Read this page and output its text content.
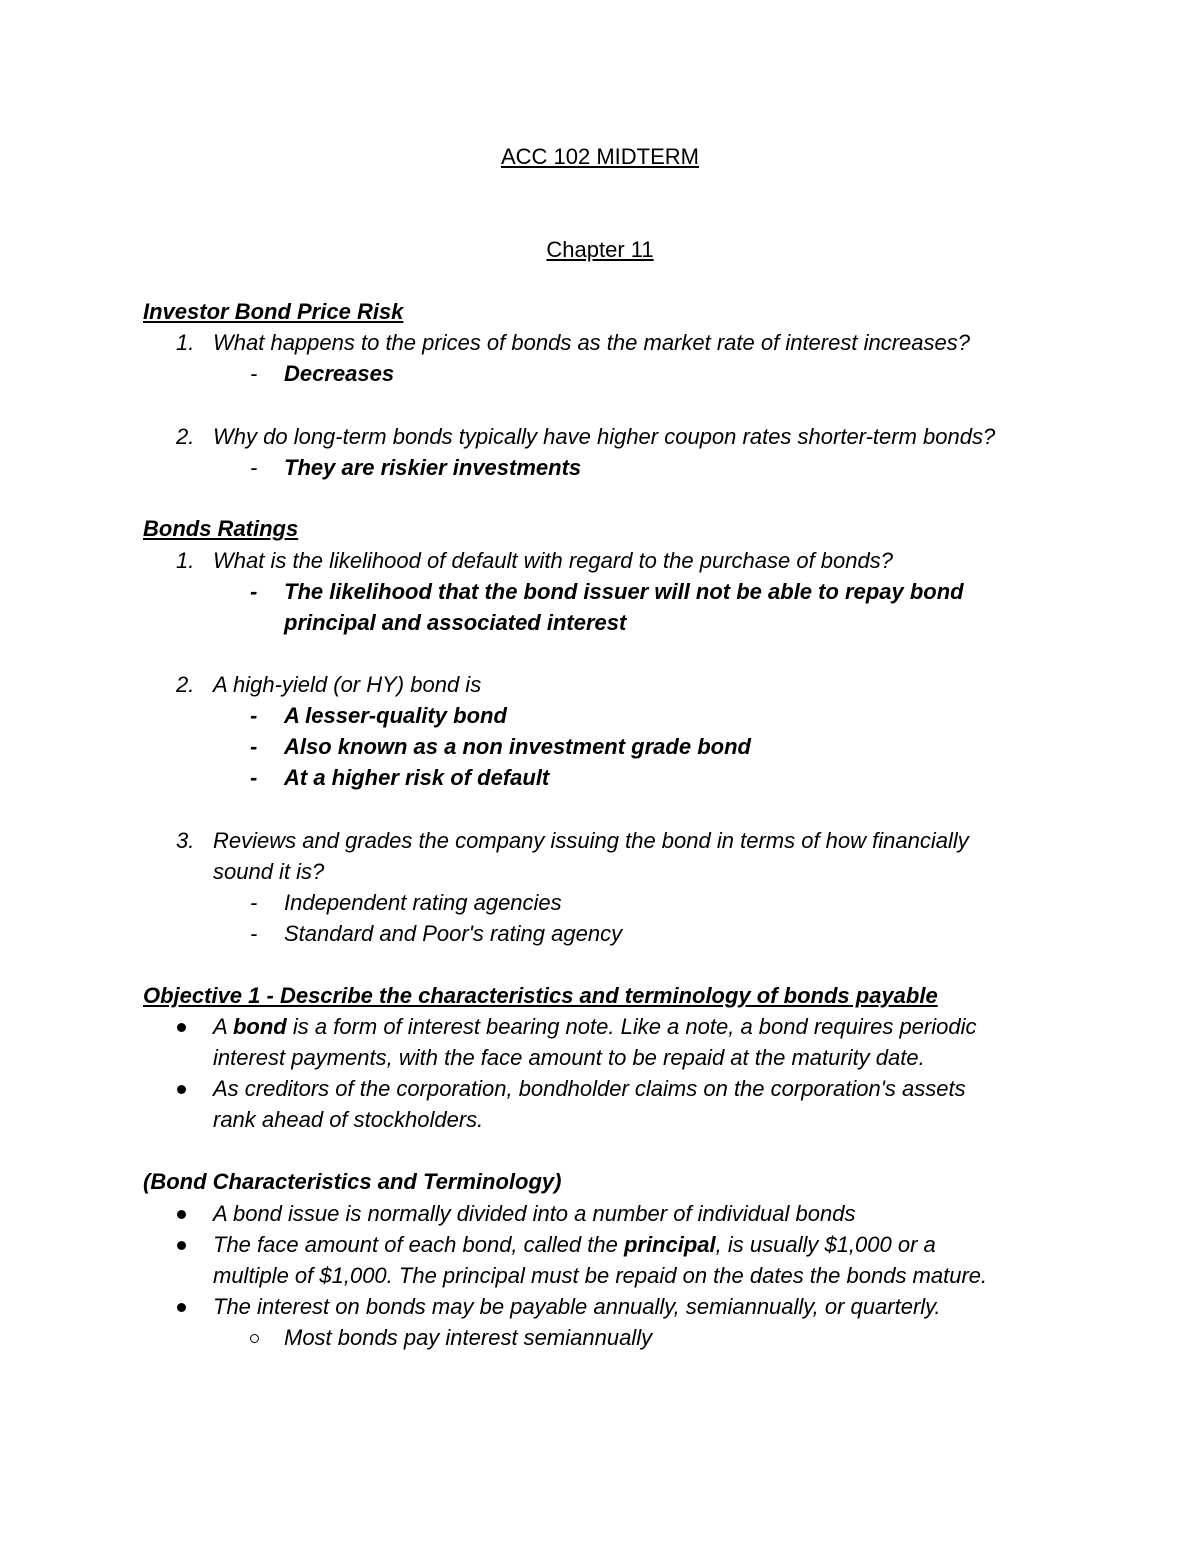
ACC 102 MIDTERM
Chapter 11
Investor Bond Price Risk
1. What happens to the prices of bonds as the market rate of interest increases?
- Decreases
2. Why do long-term bonds typically have higher coupon rates shorter-term bonds?
- They are riskier investments
Bonds Ratings
1. What is the likelihood of default with regard to the purchase of bonds?
- The likelihood that the bond issuer will not be able to repay bond
principal and associated interest
2. A high-yield (or HY) bond is
- A lesser-quality bond
- Also known as a non investment grade bond
- At a higher risk of default
3. Reviews and grades the company issuing the bond in terms of how financially
sound it is?
- Independent rating agencies
- Standard and Poor's rating agency
Objective 1 - Describe the characteristics and terminology of bonds payable
A bond is a form of interest bearing note. Like a note, a bond requires periodic
interest payments, with the face amount to be repaid at the maturity date.
As creditors of the corporation, bondholder claims on the corporation's assets
rank ahead of stockholders.
(Bond Characteristics and Terminology)
A bond issue is normally divided into a number of individual bonds
The face amount of each bond, called the principal, is usually $1,000 or a
multiple of $1,000. The principal must be repaid on the dates the bonds mature.
The interest on bonds may be payable annually, semiannually, or quarterly.
Most bonds pay interest semiannually
